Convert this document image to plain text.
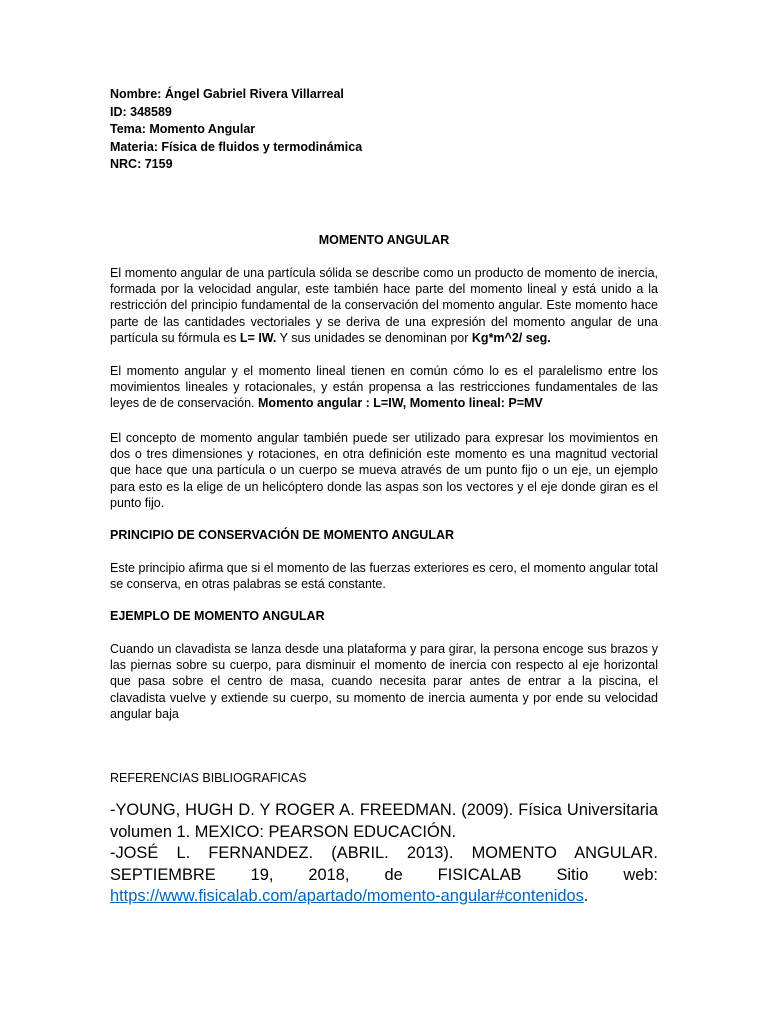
Nombre: Ángel Gabriel Rivera Villarreal
ID: 348589
Tema: Momento Angular
Materia: Física de fluidos y termodinámica
NRC: 7159
MOMENTO ANGULAR
El momento angular de una partícula sólida se describe como un producto de momento de inercia, formada por la velocidad angular, este también hace parte del momento lineal y está unido a la restricción del principio fundamental de la conservación del momento angular. Este momento hace parte de las cantidades vectoriales y se deriva de una expresión del momento angular de una partícula su fórmula es L= IW. Y sus unidades se denominan por Kg*m^2/ seg.
El momento angular y el momento lineal tienen en común cómo lo es el paralelismo entre los movimientos lineales y rotacionales, y están propensa a las restricciones fundamentales de las leyes de de conservación. Momento angular : L=IW, Momento lineal: P=MV
El concepto de momento angular también puede ser utilizado para expresar los movimientos en dos o tres dimensiones y rotaciones, en otra definición este momento es una magnitud vectorial que hace que una partícula o un cuerpo se mueva através de um punto fijo o un eje, un ejemplo para esto es la elige de un helicóptero donde las aspas son los vectores y el eje donde giran es el punto fijo.
PRINCIPIO DE CONSERVACIÓN DE MOMENTO ANGULAR
Este principio afirma que si el momento de las fuerzas exteriores es cero, el momento angular total se conserva, en otras palabras se está constante.
EJEMPLO DE MOMENTO ANGULAR
Cuando un clavadista se lanza desde una plataforma y para girar, la persona encoge sus brazos y las piernas sobre su cuerpo, para disminuir el momento de inercia con respecto al eje horizontal que pasa sobre el centro de masa, cuando necesita parar antes de entrar a la piscina, el clavadista vuelve y extiende su cuerpo, su momento de inercia aumenta y por ende su velocidad angular baja
REFERENCIAS BIBLIOGRAFICAS
-YOUNG, HUGH D. Y ROGER A. FREEDMAN. (2009). Física Universitaria volumen 1. MEXICO: PEARSON EDUCACIÓN.
-JOSÉ L. FERNANDEZ. (ABRIL. 2013). MOMENTO ANGULAR. SEPTIEMBRE 19, 2018, de FISICALAB Sitio web: https://www.fisicalab.com/apartado/momento-angular#contenidos.
